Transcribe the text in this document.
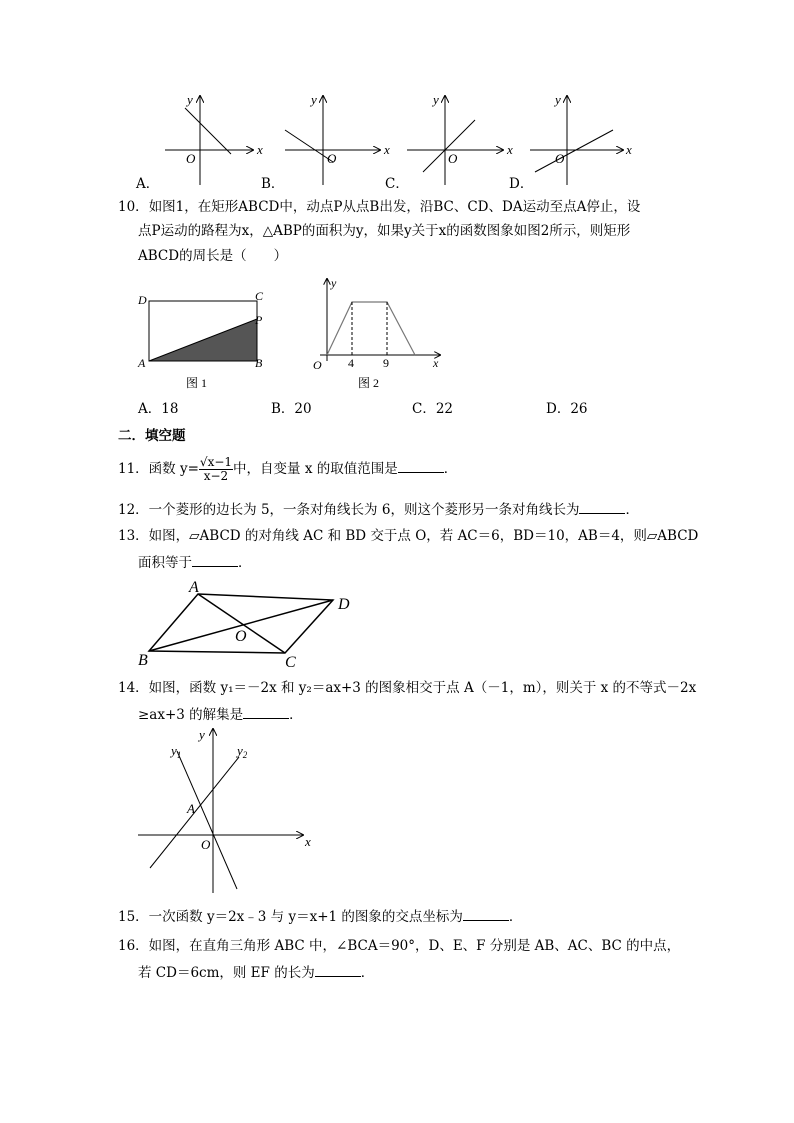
x
y
O
x
y
O
x
y
O
x
y
O
A．	B．	C．	D．
10．如图1，在矩形ABCD中，动点P从点B出发，沿BC、CD、DA运动至点A停止，设
点P运动的路程为x，△ABP的面积为y，如果y关于x的函数图象如图2所示，则矩形
ABCD的周长是（　　）
D	C
P
A	B
图 1
y
x
O 4 9
图 2
A．18	B．20	C．22	D．26
二．填空题
11．函数 $y= \frac{√x-1}{x-2}$ 中，自变量 x 的取值范围是	．
12．一个菱形的边长为 5，一条对角线长为 6，则这个菱形另一条对角线长为	．
13．如图，▱ABCD 的对角线 AC 和 BD 交于点 O，若 AC＝6，BD＝10，AB＝4，则▱ABCD
面积等于	．
A
D
O
B	C
14．如图，函数 y₁＝－2x 和 y₂＝ax+3 的图象相交于点 A（－1，m），则关于 x 的不等式－2x
≥ax+3 的解集是	．
y
x
O
A
$y_1$	$y_2$
15．一次函数 y＝2x﹣3 与 y＝x+1 的图象的交点坐标为	．
16．如图，在直角三角形 ABC 中，∠BCA＝90°，D、E、F 分别是 AB、AC、BC 的中点，
若 CD＝6cm，则 EF 的长为	．
